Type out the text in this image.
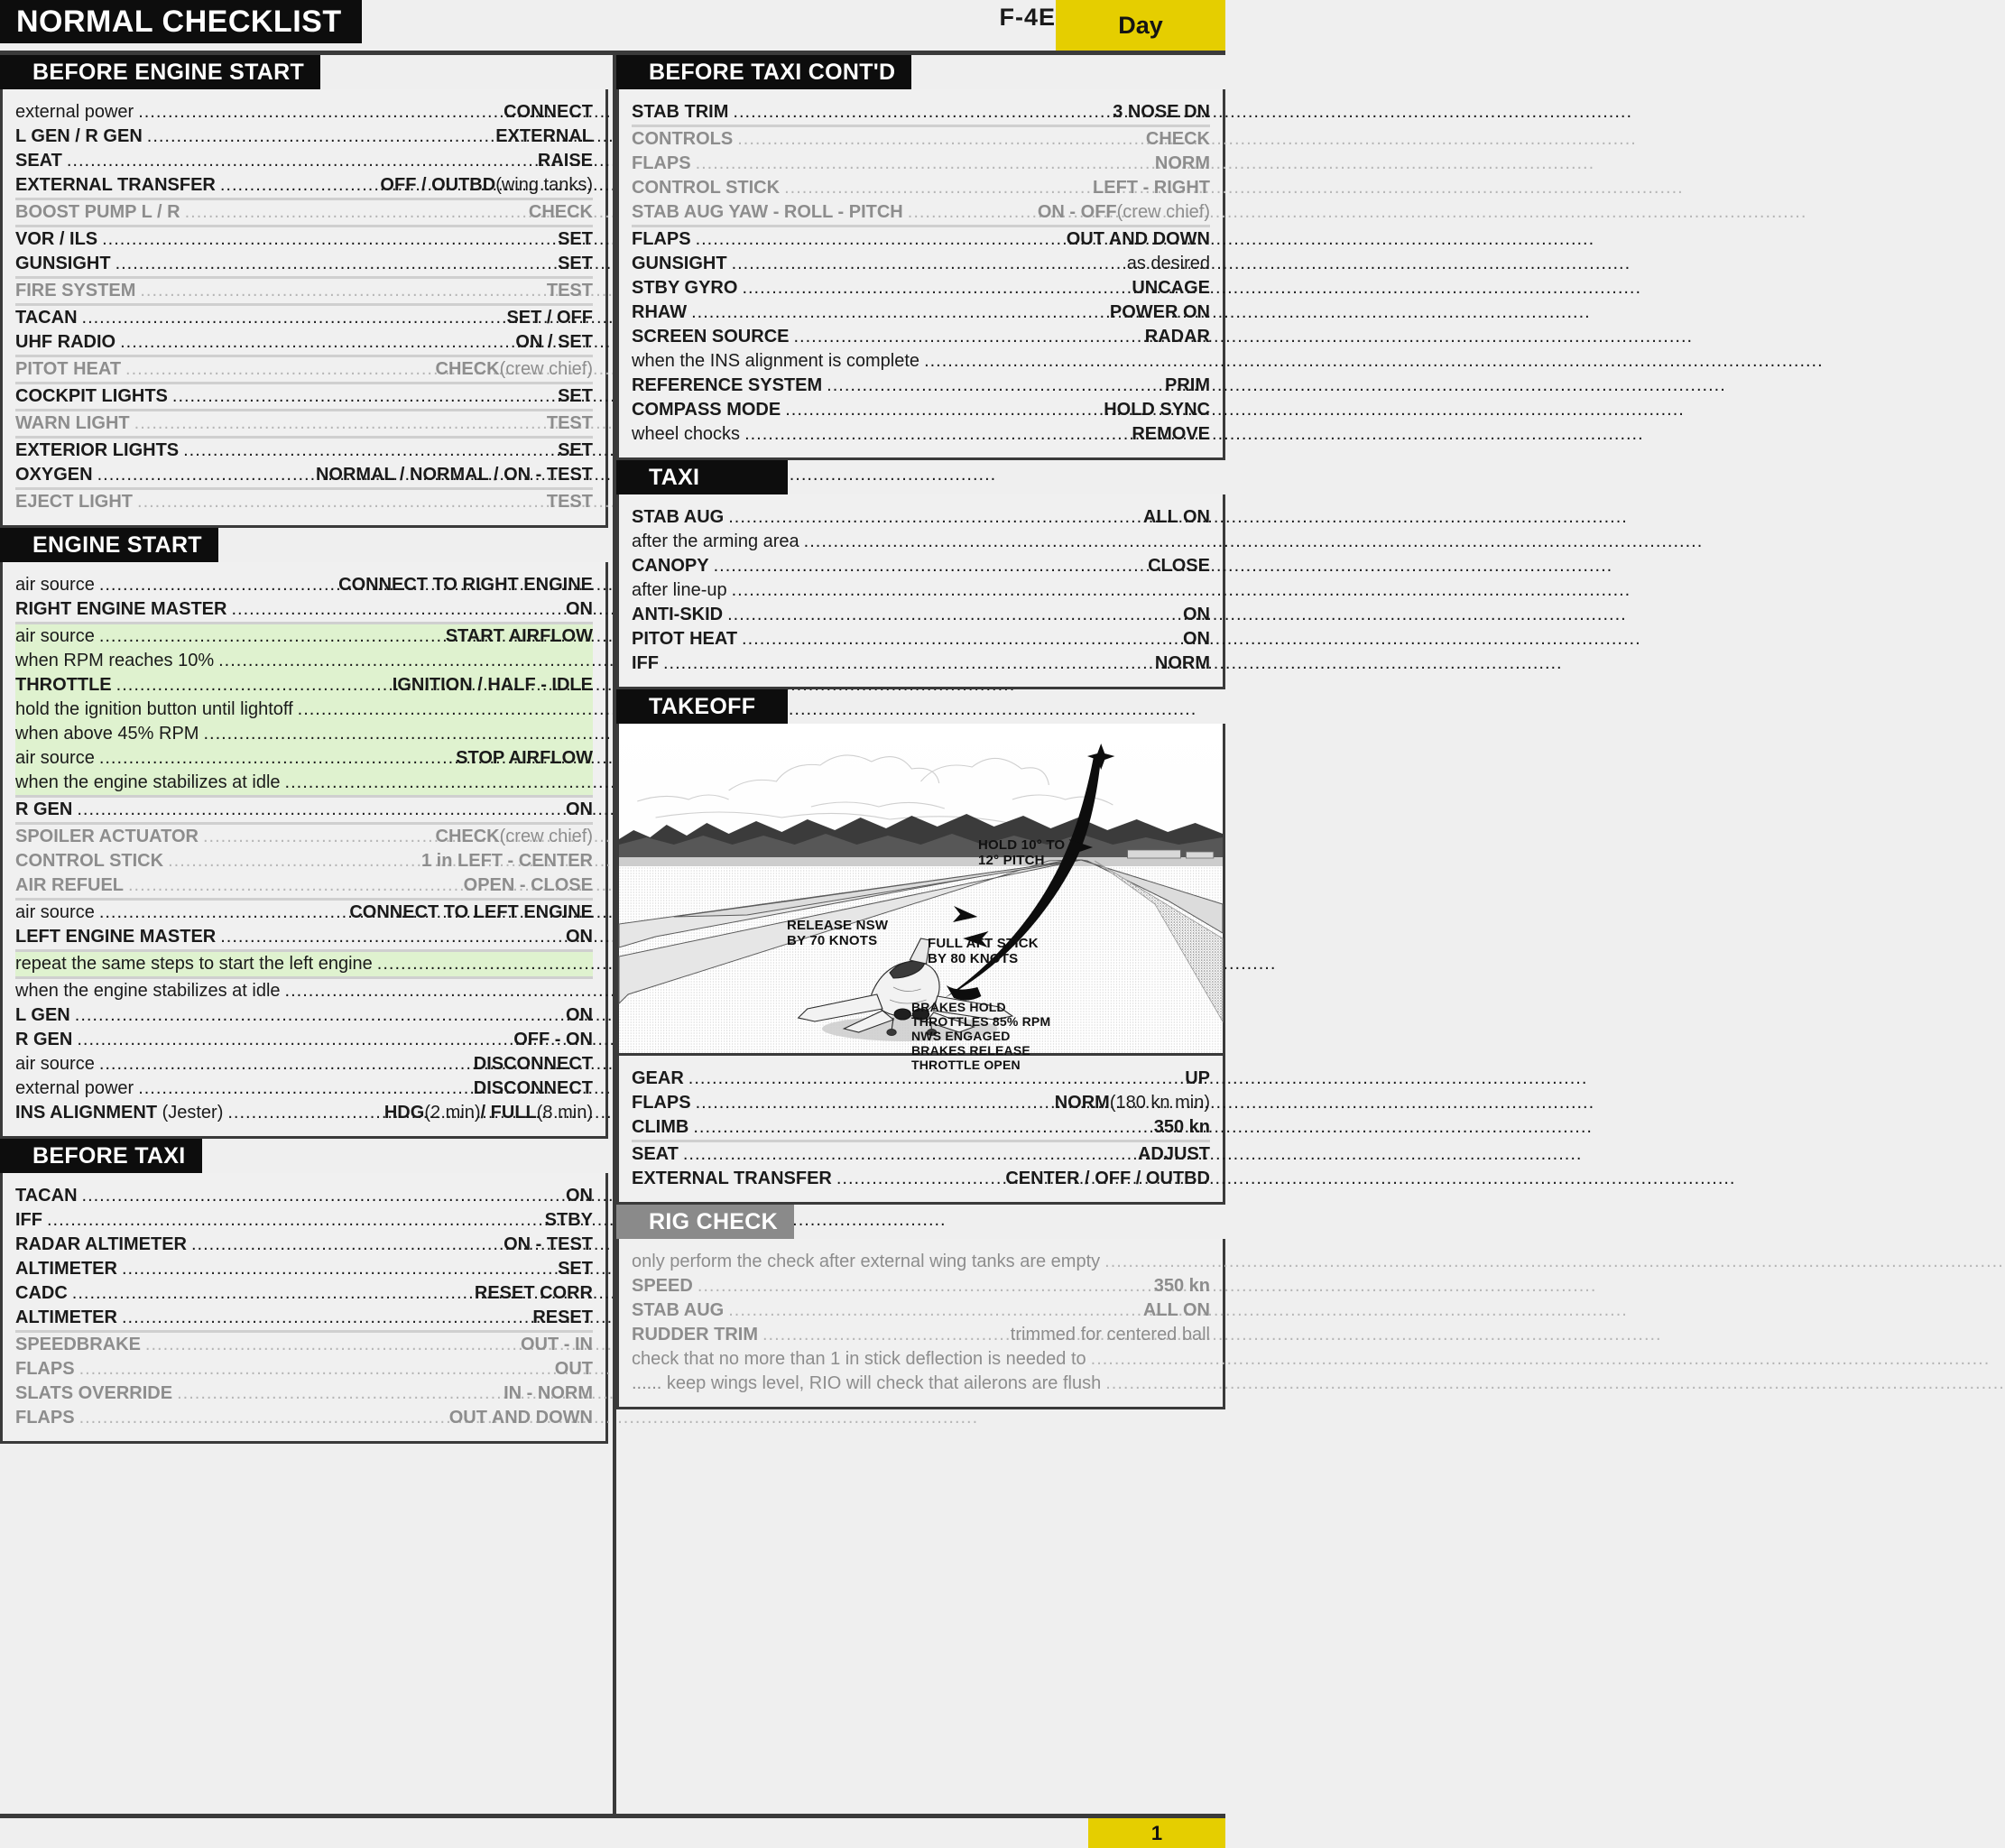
NORMAL CHECKLIST	F-4E	Day
BEFORE ENGINE START
external power .....	CONNECT
L GEN / R GEN .....	EXTERNAL
SEAT .....	RAISE
EXTERNAL TRANSFER .....	OFF / OUTBD (wing tanks)
BOOST PUMP L / R .....	CHECK
VOR / ILS .....	SET
GUNSIGHT .....	SET
FIRE SYSTEM .....	TEST
TACAN .....	SET / OFF
UHF RADIO .....	ON / SET
PITOT HEAT .....	CHECK (crew chief)
COCKPIT LIGHTS .....	SET
WARN LIGHT .....	TEST
EXTERIOR LIGHTS .....	SET
OXYGEN .....	NORMAL / NORMAL / ON - TEST
EJECT LIGHT .....	TEST
ENGINE START
air source .....	CONNECT TO RIGHT ENGINE
RIGHT ENGINE MASTER .....	ON
air source .....	START AIRFLOW
when RPM reaches 10%
.....
THROTTLE .....	IGNITION / HALF - IDLE
hold the ignition button until lightoff
.....
when above 45% RPM
.....
air source .....	STOP AIRFLOW
when the engine stabilizes at idle
.....
R GEN .....	ON
SPOILER ACTUATOR .....	CHECK (crew chief)
CONTROL STICK .....	1 in LEFT - CENTER
AIR REFUEL .....	OPEN - CLOSE
air source .....	CONNECT TO LEFT ENGINE
LEFT ENGINE MASTER .....	ON
repeat the same steps to start the left engine
.....
when the engine stabilizes at idle
.....
L GEN .....	ON
R GEN .....	OFF - ON
air source .....	DISCONNECT
external power .....	DISCONNECT
INS ALIGNMENT (Jester) .....	HDG (2 min) / FULL (8 min)
BEFORE TAXI
TACAN .....	ON
IFF .....	STBY
RADAR ALTIMETER .....	ON - TEST
ALTIMETER .....	SET
CADC .....	RESET CORR
ALTIMETER .....	RESET
SPEEDBRAKE .....	OUT - IN
FLAPS .....	OUT
SLATS OVERRIDE .....	IN - NORM
FLAPS .....	OUT AND DOWN
BEFORE TAXI CONT'D
STAB TRIM .....	3 NOSE DN
CONTROLS .....	CHECK
FLAPS .....	NORM
CONTROL STICK .....	LEFT - RIGHT
STAB AUG YAW - ROLL - PITCH .....	ON - OFF (crew chief)
FLAPS .....	OUT AND DOWN
GUNSIGHT .....	as desired
STBY GYRO .....	UNCAGE
RHAW .....	POWER ON
SCREEN SOURCE .....	RADAR
when the INS alignment is complete
.....
REFERENCE SYSTEM .....	PRIM
COMPASS MODE .....	HOLD SYNC
wheel chocks .....	REMOVE
TAXI
STAB AUG .....	ALL ON
after the arming area
.....
CANOPY .....	CLOSE
after line-up
.....
ANTI-SKID .....	ON
PITOT HEAT .....	ON
IFF .....	NORM
TAKEOFF
HOLD 10° TO
12° PITCH
RELEASE NSW
BY 70 KNOTS	FULL AFT STICK
BY 80 KNOTS
BRAKES HOLD
THROTTLES 85% RPM
NWS ENGAGED
BRAKES RELEASE
THROTTLE OPEN
GEAR .....	UP
FLAPS .....	NORM (180 kn min)
CLIMB .....	350 kn
SEAT .....	ADJUST
EXTERNAL TRANSFER .....	CENTER / OFF / OUTBD
RIG CHECK
only perform the check after external wing tanks are empty
.....
SPEED .....	350 kn
STAB AUG .....	ALL ON
RUDDER TRIM .....	trimmed for centered ball
check that no more than 1 in stick deflection is needed to
.....
...... keep wings level, RIO will check that ailerons are flush
.....
1
